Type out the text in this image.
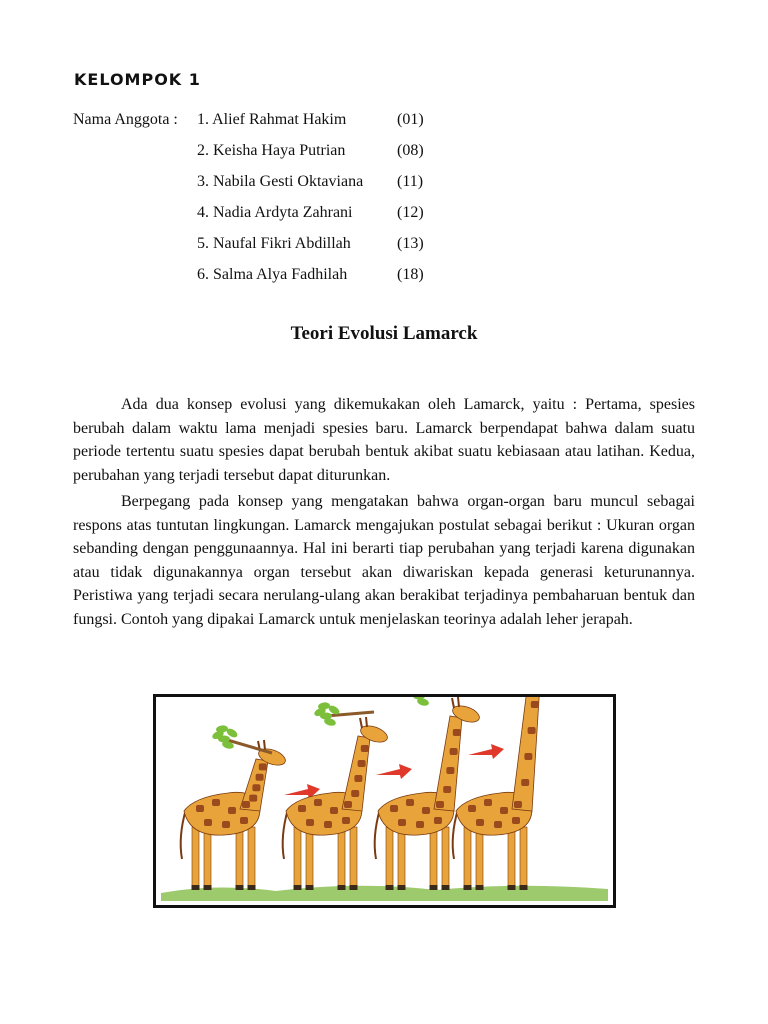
KELOMPOK 1
Nama Anggota : 1. Alief Rahmat Hakim	(01)
2. Keisha Haya Putrian	(08)
3. Nabila Gesti Oktaviana (11)
4. Nadia Ardyta Zahrani	(12)
5. Naufal Fikri Abdillah	(13)
6. Salma Alya Fadhilah	(18)
Teori Evolusi Lamarck

Ada dua konsep evolusi yang dikemukakan oleh Lamarck, yaitu : Pertama, spesies berubah dalam waktu lama menjadi spesies baru. Lamarck berpendapat bahwa dalam suatu periode tertentu suatu spesies dapat berubah bentuk akibat suatu kebiasaan atau latihan. Kedua, perubahan yang terjadi tersebut dapat diturunkan.

Berpegang pada konsep yang mengatakan bahwa organ-organ baru muncul sebagai respons atas tuntutan lingkungan. Lamarck mengajukan postulat sebagai berikut : Ukuran organ sebanding dengan penggunaannya. Hal ini berarti tiap perubahan yang terjadi karena digunakan atau tidak digunakannya organ tersebut akan diwariskan kepada generasi keturunannya. Peristiwa yang terjadi secara nerulang-ulang akan berakibat terjadinya pembaharuan bentuk dan fungsi. Contoh yang dipakai Lamarck untuk menjelaskan teorinya adalah leher jerapah.
